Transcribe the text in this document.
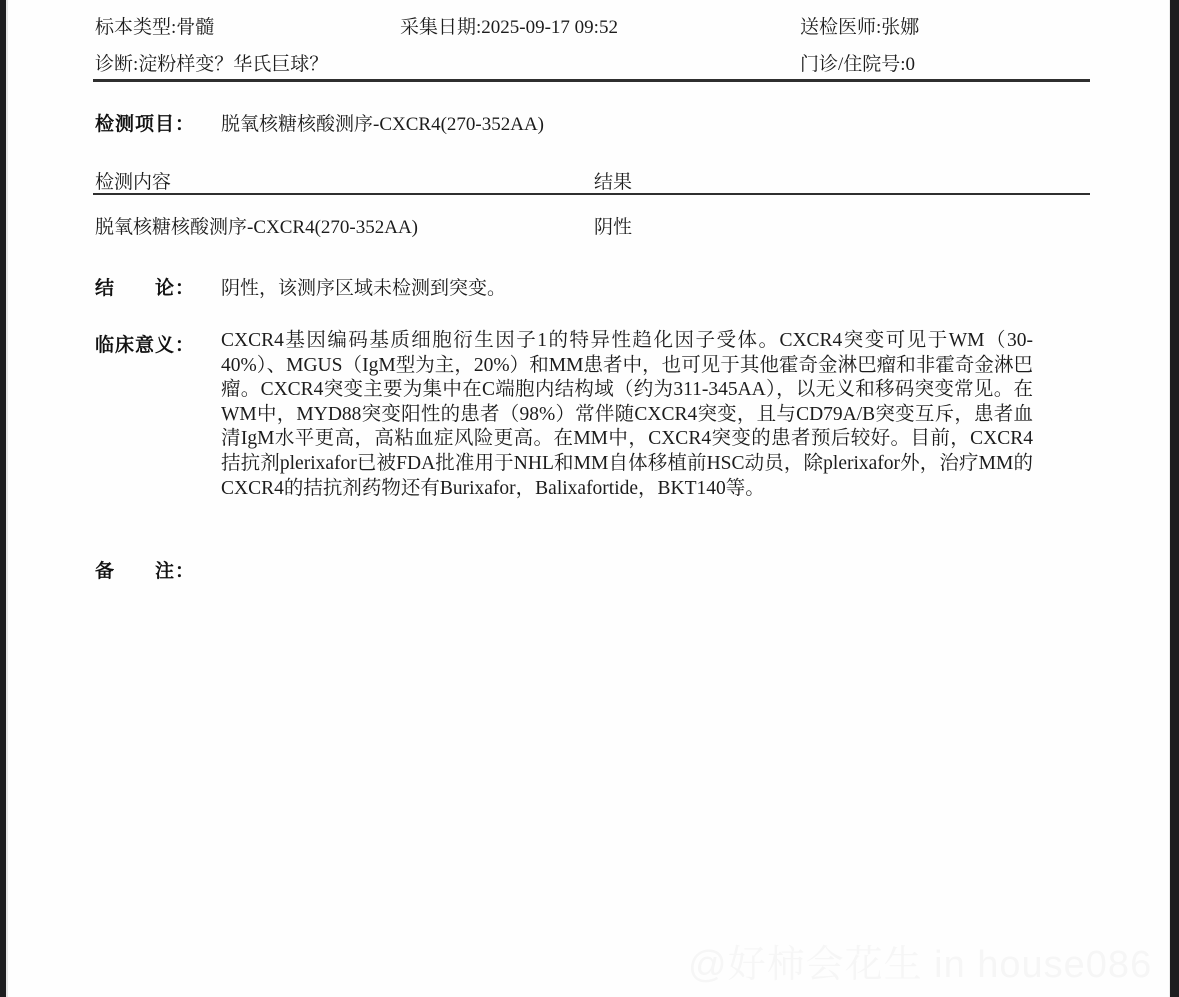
标本类型:骨髓	采集日期:2025-09-17 09:52	送检医师:张娜
诊断:淀粉样变？华氏巨球？	门诊/住院号:0
检测项目： 脱氧核糖核酸测序-CXCR4(270-352AA)
检测内容	结果
脱氧核糖核酸测序-CXCR4(270-352AA)	阴性
结　　论： 阴性，该测序区域未检测到突变。
临床意义： CXCR4基因编码基质细胞衍生因子1的特异性趋化因子受体。CXCR4突变可见于WM（30-40%）、MGUS（IgM型为主，20%）和MM患者中，也可见于其他霍奇金淋巴瘤和非霍奇金淋巴瘤。CXCR4突变主要为集中在C端胞内结构域（约为311-345AA），以无义和移码突变常见。在WM中，MYD88突变阳性的患者（98%）常伴随CXCR4突变，且与CD79A/B突变互斥，患者血清IgM水平更高，高粘血症风险更高。在MM中，CXCR4突变的患者预后较好。目前，CXCR4拮抗剂plerixafor已被FDA批准用于NHL和MM自体移植前HSC动员，除plerixafor外，治疗MM的CXCR4的拮抗剂药物还有Burixafor，Balixafortide，BKT140等。
备　　注：
@好柿会花生 in house086
